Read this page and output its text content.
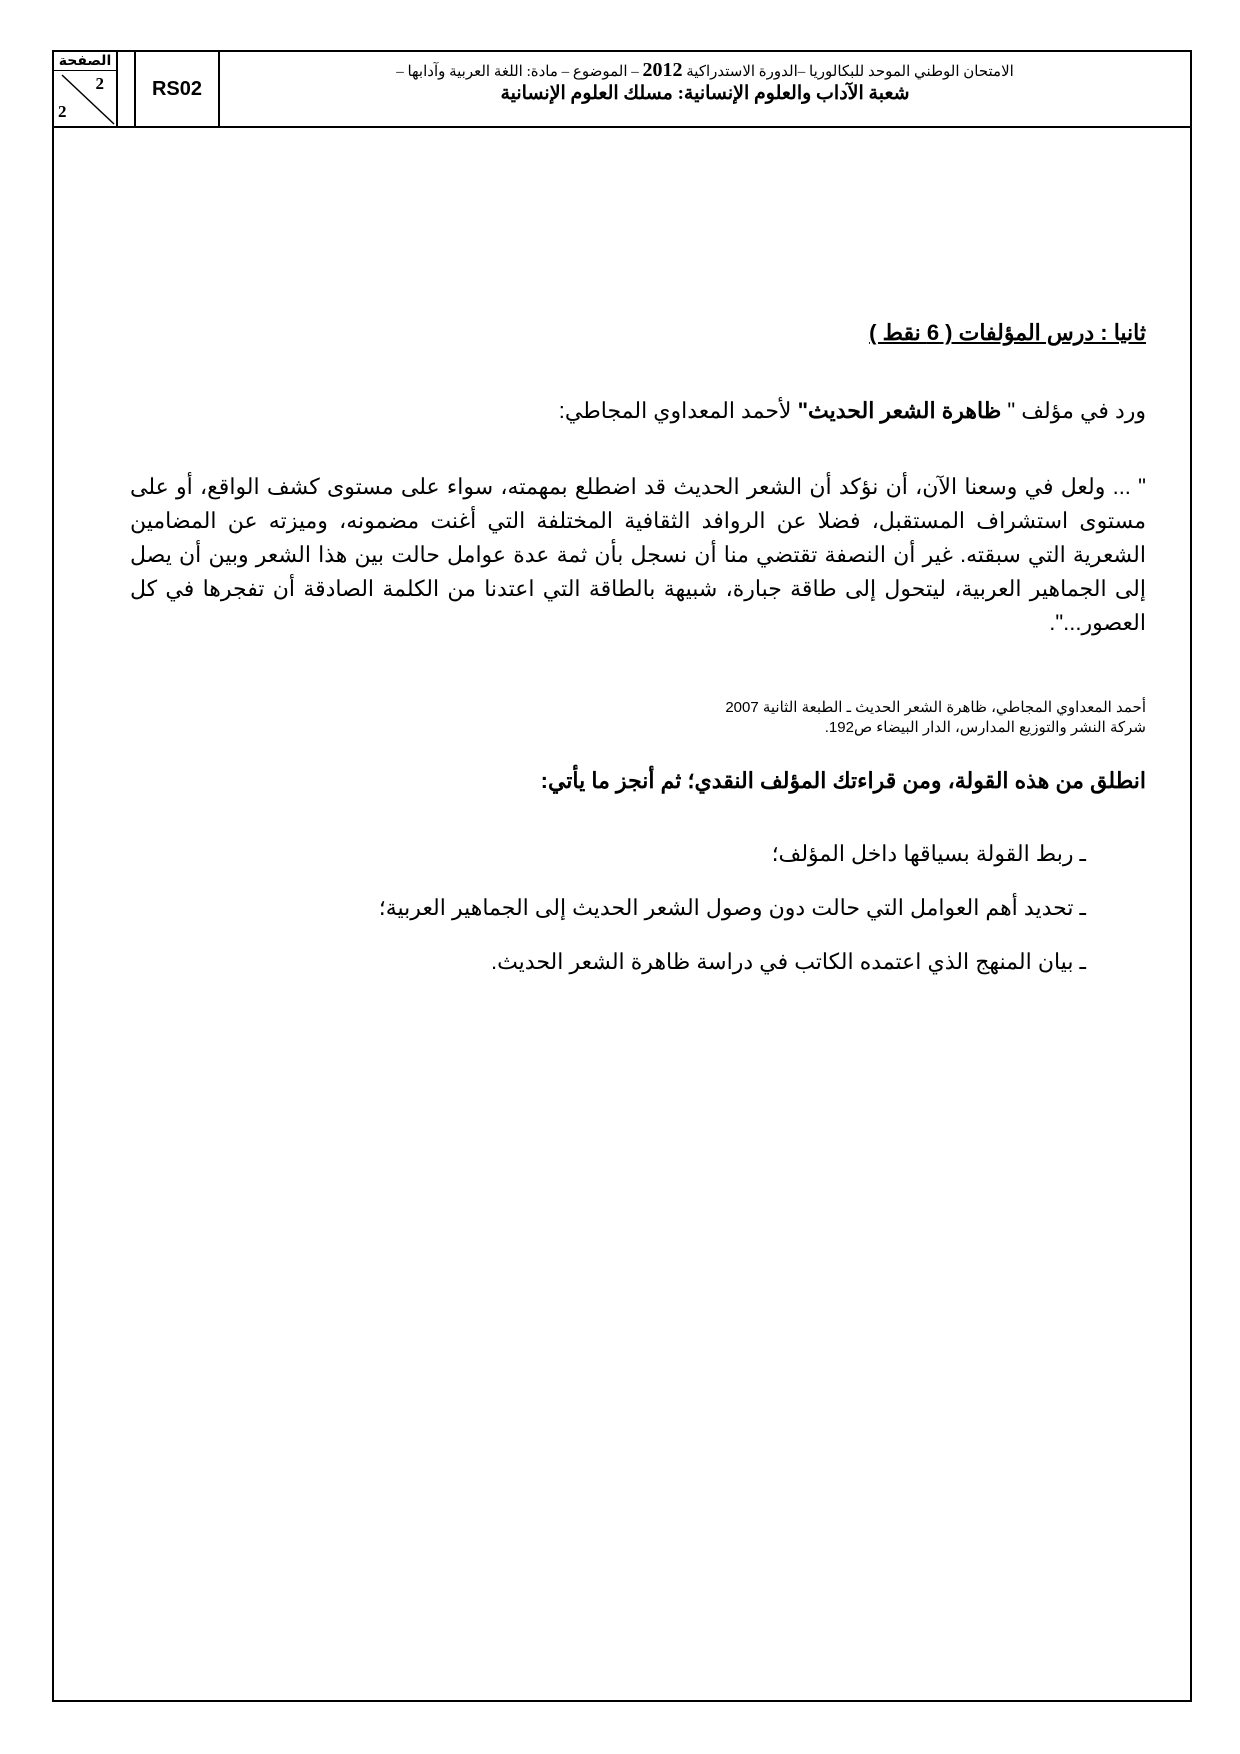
الصفحة
2
2
RS02
الامتحان الوطني الموحد للبكالوريا –الدورة الاستدراكية 2012 – الموضوع – مادة: اللغة العربية وآدابها –
شعبة الآداب والعلوم الإنسانية: مسلك العلوم الإنسانية
ثانيا : درس المؤلفات ( 6 نقط )
ورد في مؤلف " ظاهرة الشعر الحديث" لأحمد المعداوي المجاطي:
" ... ولعل في وسعنا الآن، أن نؤكد أن الشعر الحديث قد اضطلع بمهمته، سواء على مستوى كشف الواقع، أو على مستوى استشراف المستقبل، فضلا عن الروافد الثقافية المختلفة التي أغنت مضمونه، وميزته عن المضامين الشعرية التي سبقته. غير أن النصفة تقتضي منا أن نسجل بأن ثمة عدة عوامل حالت بين هذا الشعر وبين أن يصل إلى الجماهير العربية، ليتحول إلى طاقة جبارة، شبيهة بالطاقة التي اعتدنا من الكلمة الصادقة أن تفجرها في كل العصور...".
أحمد المعداوي المجاطي، ظاهرة الشعر الحديث ـ الطبعة الثانية 2007
شركة النشر والتوزيع المدارس، الدار البيضاء ص192.
انطلق من هذه القولة، ومن قراءتك المؤلف النقدي؛ ثم أنجز ما يأتي:
ـ ربط القولة بسياقها داخل المؤلف؛
ـ تحديد أهم العوامل التي حالت دون وصول الشعر الحديث إلى الجماهير العربية؛
ـ بيان المنهج الذي اعتمده الكاتب في دراسة ظاهرة الشعر الحديث.
